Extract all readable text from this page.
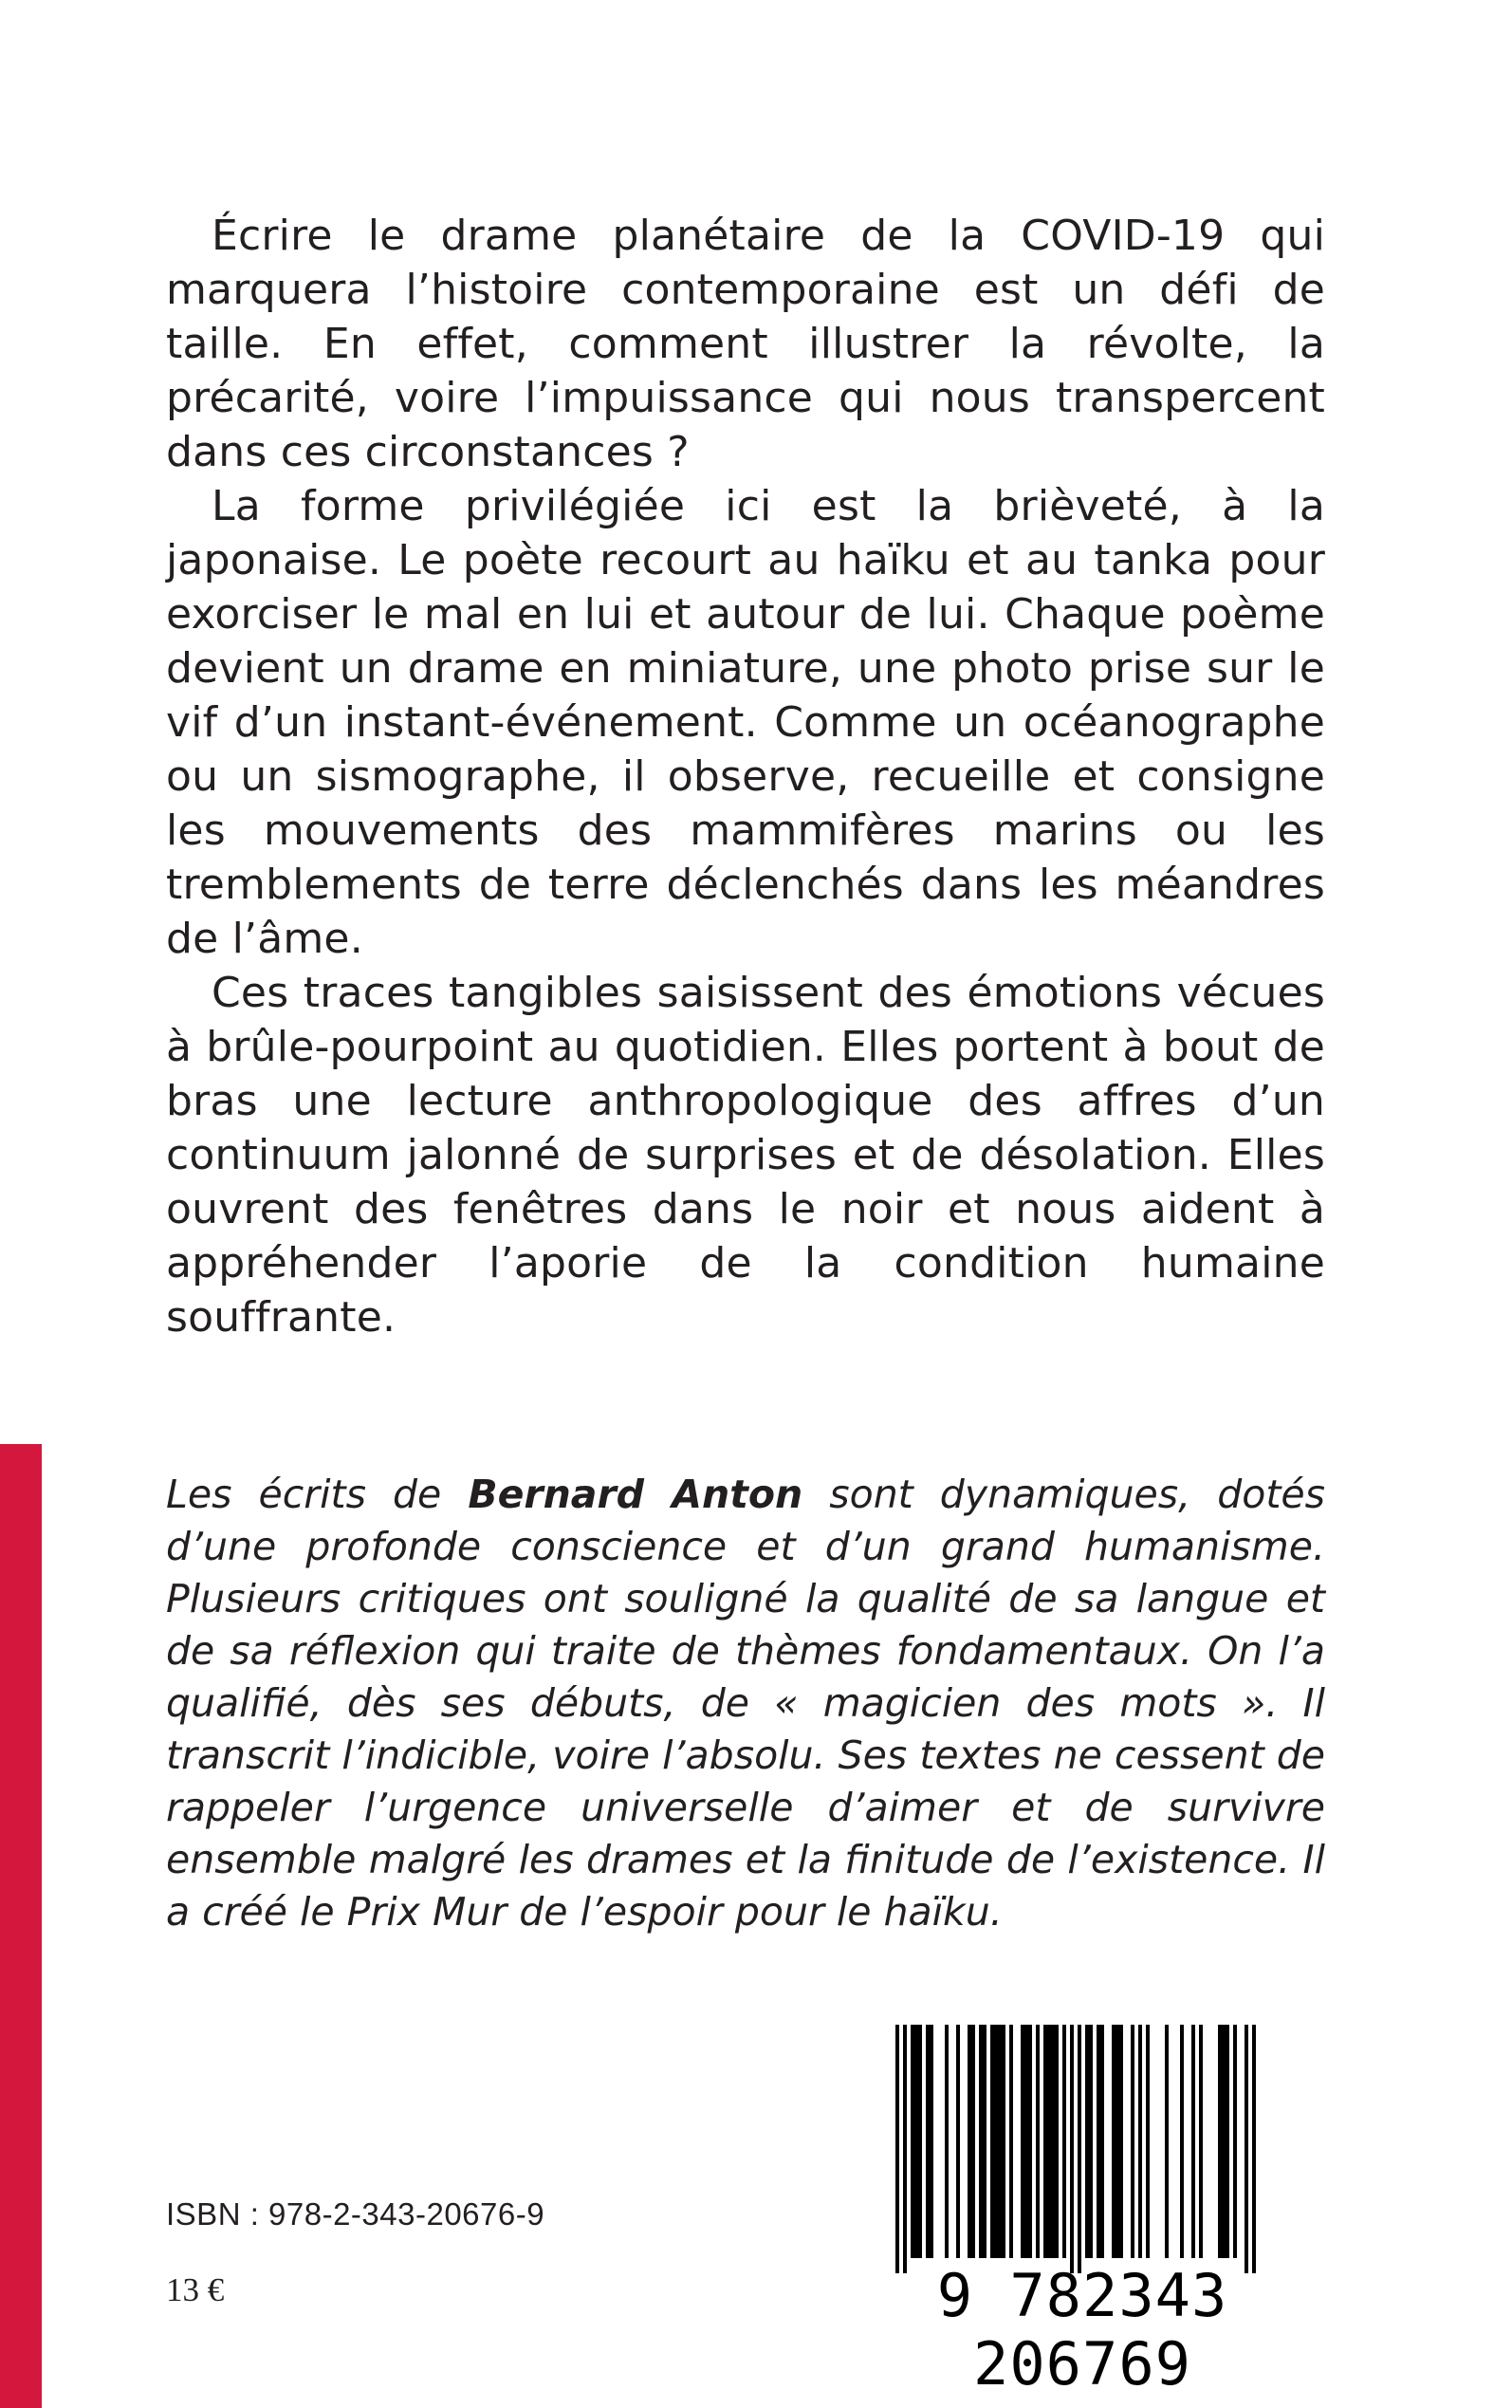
Écrire le drame planétaire de la COVID-19 qui marquera l’histoire contemporaine est un défi de taille. En effet, comment illustrer la révolte, la précarité, voire l’impuissance qui nous transpercent dans ces circonstances ?

La forme privilégiée ici est la brièveté, à la japonaise. Le poète recourt au haïku et au tanka pour exorciser le mal en lui et autour de lui. Chaque poème devient un drame en miniature, une photo prise sur le vif d’un instant-événement. Comme un océanographe ou un sismographe, il observe, recueille et consigne les mouvements des mammifères marins ou les tremblements de terre déclenchés dans les méandres de l’âme.

Ces traces tangibles saisissent des émotions vécues à brûle-pourpoint au quotidien. Elles portent à bout de bras une lecture anthropologique des affres d’un continuum jalonné de surprises et de désolation. Elles ouvrent des fenêtres dans le noir et nous aident à appréhender l’aporie de la condition humaine souffrante.

Les écrits de Bernard Anton sont dynamiques, dotés d’une profonde conscience et d’un grand humanisme. Plusieurs critiques ont souligné la qualité de sa langue et de sa réflexion qui traite de thèmes fondamentaux. On l’a qualifié, dès ses débuts, de « magicien des mots ». Il transcrit l’indicible, voire l’absolu. Ses textes ne cessent de rappeler l’urgence universelle d’aimer et de survivre ensemble malgré les drames et la finitude de l’existence. Il a créé le Prix Mur de l’espoir pour le haïku.

ISBN : 978-2-343-20676-9

13 €	9 782343 206769
